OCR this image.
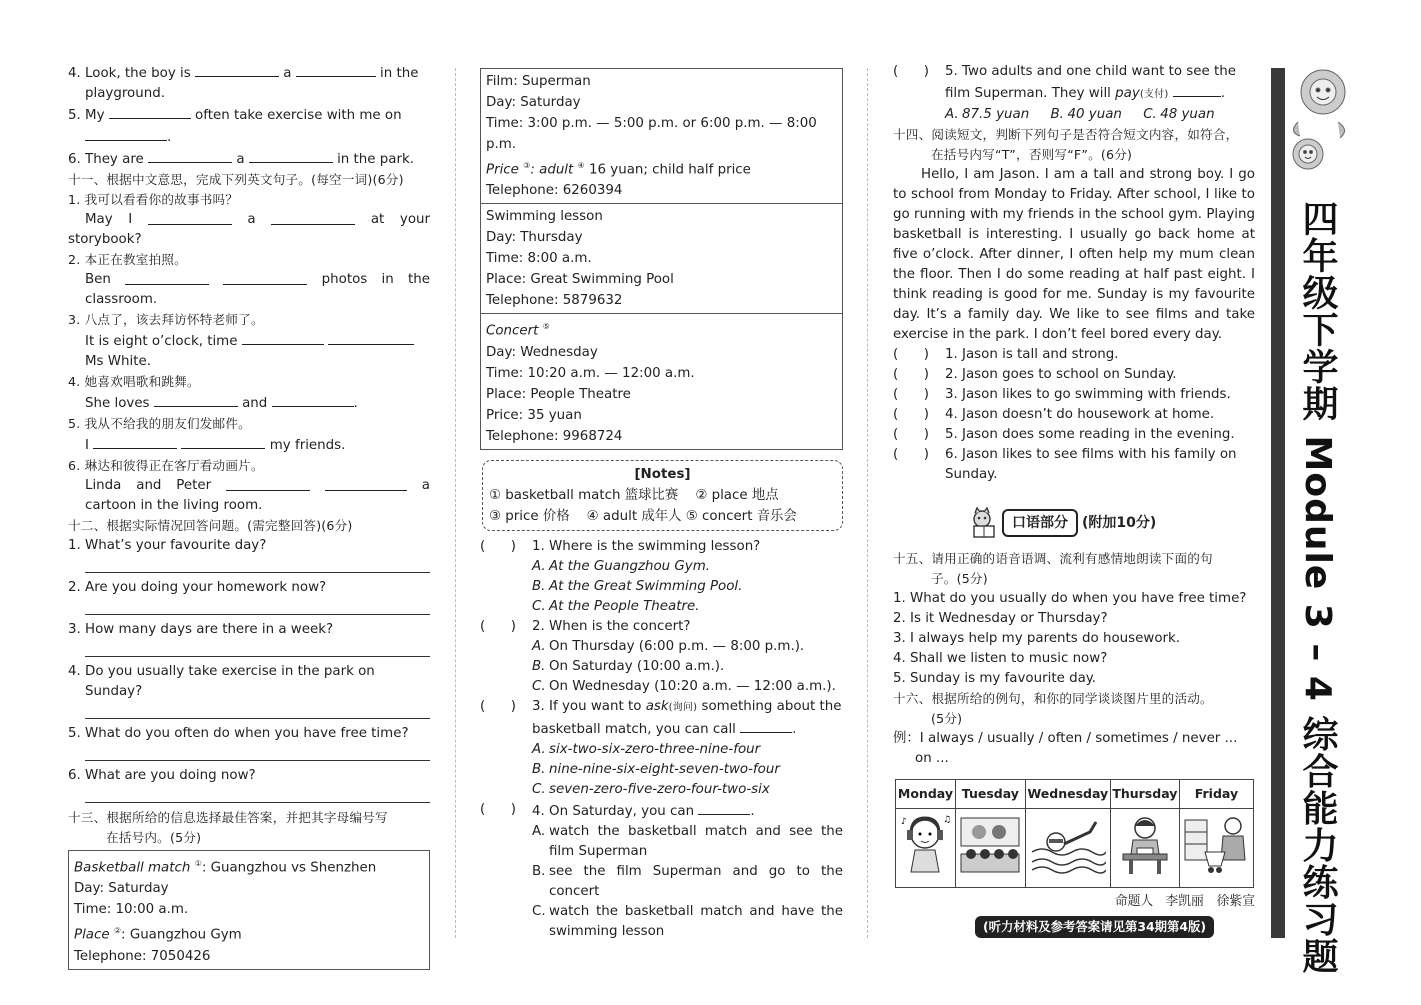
4. Look, the boy is	a	in the

playground.

5. My	often take exercise with me on

.

6. They are	a	in the park.

十一、根据中文意思，完成下列英文句子。(每空一词)(6分)

1. 我可以看看你的故事书吗？

May I	a	at your

storybook?

2. 本正在教室拍照。

Ben	photos in the

classroom.

3. 八点了，该去拜访怀特老师了。

It is eight o’clock, time

Ms White.

4. 她喜欢唱歌和跳舞。

She loves	and	.

5. 我从不给我的朋友们发邮件。

I	my friends.

6. 琳达和彼得正在客厅看动画片。

Linda and Peter	a

cartoon in the living room.

十二、根据实际情况回答问题。(需完整回答)(6分)

1. What’s your favourite day?

2. Are you doing your homework now?

3. How many days are there in a week?

4. Do you usually take exercise in the park on

Sunday?

5. What do you often do when you have free time?

6. What are you doing now?

十三、根据所给的信息选择最佳答案，并把其字母编号写

在括号内。(5分)

Basketball match ①: Guangzhou vs Shenzhen
Day: Saturday
Time: 10:00 a.m.
Place ②: Guangzhou Gym
Telephone: 7050426
Film: Superman
Day: Saturday
Time: 3:00 p.m. — 5:00 p.m. or 6:00 p.m. — 8:00 p.m.
Price ③: adult ④ 16 yuan; child half price
Telephone: 6260394
Swimming lesson
Day: Thursday
Time: 8:00 a.m.
Place: Great Swimming Pool
Telephone: 5879632
Concert ⑤
Day: Wednesday
Time: 10:20 a.m. — 12:00 a.m.
Place: People Theatre
Price: 35 yuan
Telephone: 9968724
[Notes]
① basketball match 篮球比赛 ② place 地点
③ price 价格 ④ adult 成年人 ⑤ concert 音乐会
(      )	1. Where is the swimming lesson?
A. At the Guangzhou Gym.
B. At the Great Swimming Pool.
C. At the People Theatre.
(      )	2. When is the concert?
A. On Thursday (6:00 p.m. — 8:00 p.m.).
B. On Saturday (10:00 a.m.).
C. On Wednesday (10:20 a.m. — 12:00 a.m.).
(      )	3. If you want to ask(询问) something about the
basketball match, you can call	.
A. six-two-six-zero-three-nine-four
B. nine-nine-six-eight-seven-two-four
C. seven-zero-five-zero-four-two-six
(      )	4. On Saturday, you can	.
A. watch the basketball match and see the film Superman
B. see the film Superman and go to the concert
C. watch the basketball match and have the swimming lesson
(      )	5. Two adults and one child want to see the
film Superman. They will pay(支付)	.
A. 87.5 yuan B. 40 yuan C. 48 yuan

十四、阅读短文，判断下列句子是否符合短文内容，如符合，

在括号内写“T”，否则写“F”。(6分)

Hello, I am Jason. I am a tall and strong boy. I go to school from Monday to Friday. After school, I like to go running with my friends in the school gym. Playing basketball is interesting. I usually go back home at five o’clock. After dinner, I often help my mum clean the floor. Then I do some reading at half past eight. I think reading is good for me. Sunday is my favourite day. It’s a family day. We like to see films and take exercise in the park. I don’t feel bored every day.

(      )	1. Jason is tall and strong.
(      )	2. Jason goes to school on Sunday.
(      )	3. Jason likes to go swimming with friends.
(      )	4. Jason doesn’t do housework at home.
(      )	5. Jason does some reading in the evening.
(      )	6. Jason likes to see films with his family on
Sunday.
口语部分	(附加10分)

十五、请用正确的语音语调、流利有感情地朗读下面的句

子。(5分)

1. What do you usually do when you have free time?

2. Is it Wednesday or Thursday?

3. I always help my parents do housework.

4. Shall we listen to music now?

5. Sunday is my favourite day.

十六、根据所给的例句，和你的同学谈谈图片里的活动。

(5分)

例：I always / usually / often / sometimes / never ...

on ...

Monday	Tuesday	Wednesday	Thursday	Friday

♪ ♫

命题人 李凯丽　徐紫宣
(听力材料及参考答案请见第34期第4版)	四年级下学期 Module 3 – 4 综合能力练习题
